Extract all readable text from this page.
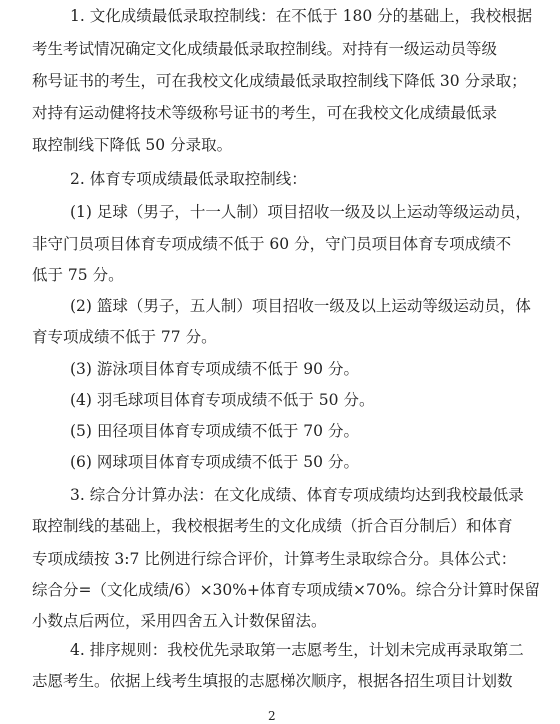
1. 文化成绩最低录取控制线：在不低于 180 分的基础上，我校根据
考生考试情况确定文化成绩最低录取控制线。对持有一级运动员等级
称号证书的考生，可在我校文化成绩最低录取控制线下降低 30 分录取；
对持有运动健将技术等级称号证书的考生，可在我校文化成绩最低录
取控制线下降低 50 分录取。
2. 体育专项成绩最低录取控制线：
(1) 足球（男子，十一人制）项目招收一级及以上运动等级运动员，
非守门员项目体育专项成绩不低于 60 分，守门员项目体育专项成绩不
低于 75 分。
(2) 篮球（男子，五人制）项目招收一级及以上运动等级运动员，体
育专项成绩不低于 77 分。
(3) 游泳项目体育专项成绩不低于 90 分。
(4) 羽毛球项目体育专项成绩不低于 50 分。
(5) 田径项目体育专项成绩不低于 70 分。
(6) 网球项目体育专项成绩不低于 50 分。
3. 综合分计算办法：在文化成绩、体育专项成绩均达到我校最低录
取控制线的基础上，我校根据考生的文化成绩（折合百分制后）和体育
专项成绩按 3:7 比例进行综合评价，计算考生录取综合分。具体公式：
综合分=（文化成绩/6）×30%+体育专项成绩×70%。综合分计算时保留
小数点后两位，采用四舍五入计数保留法。
4. 排序规则：我校优先录取第一志愿考生，计划未完成再录取第二
志愿考生。依据上线考生填报的志愿梯次顺序，根据各招生项目计划数
2
